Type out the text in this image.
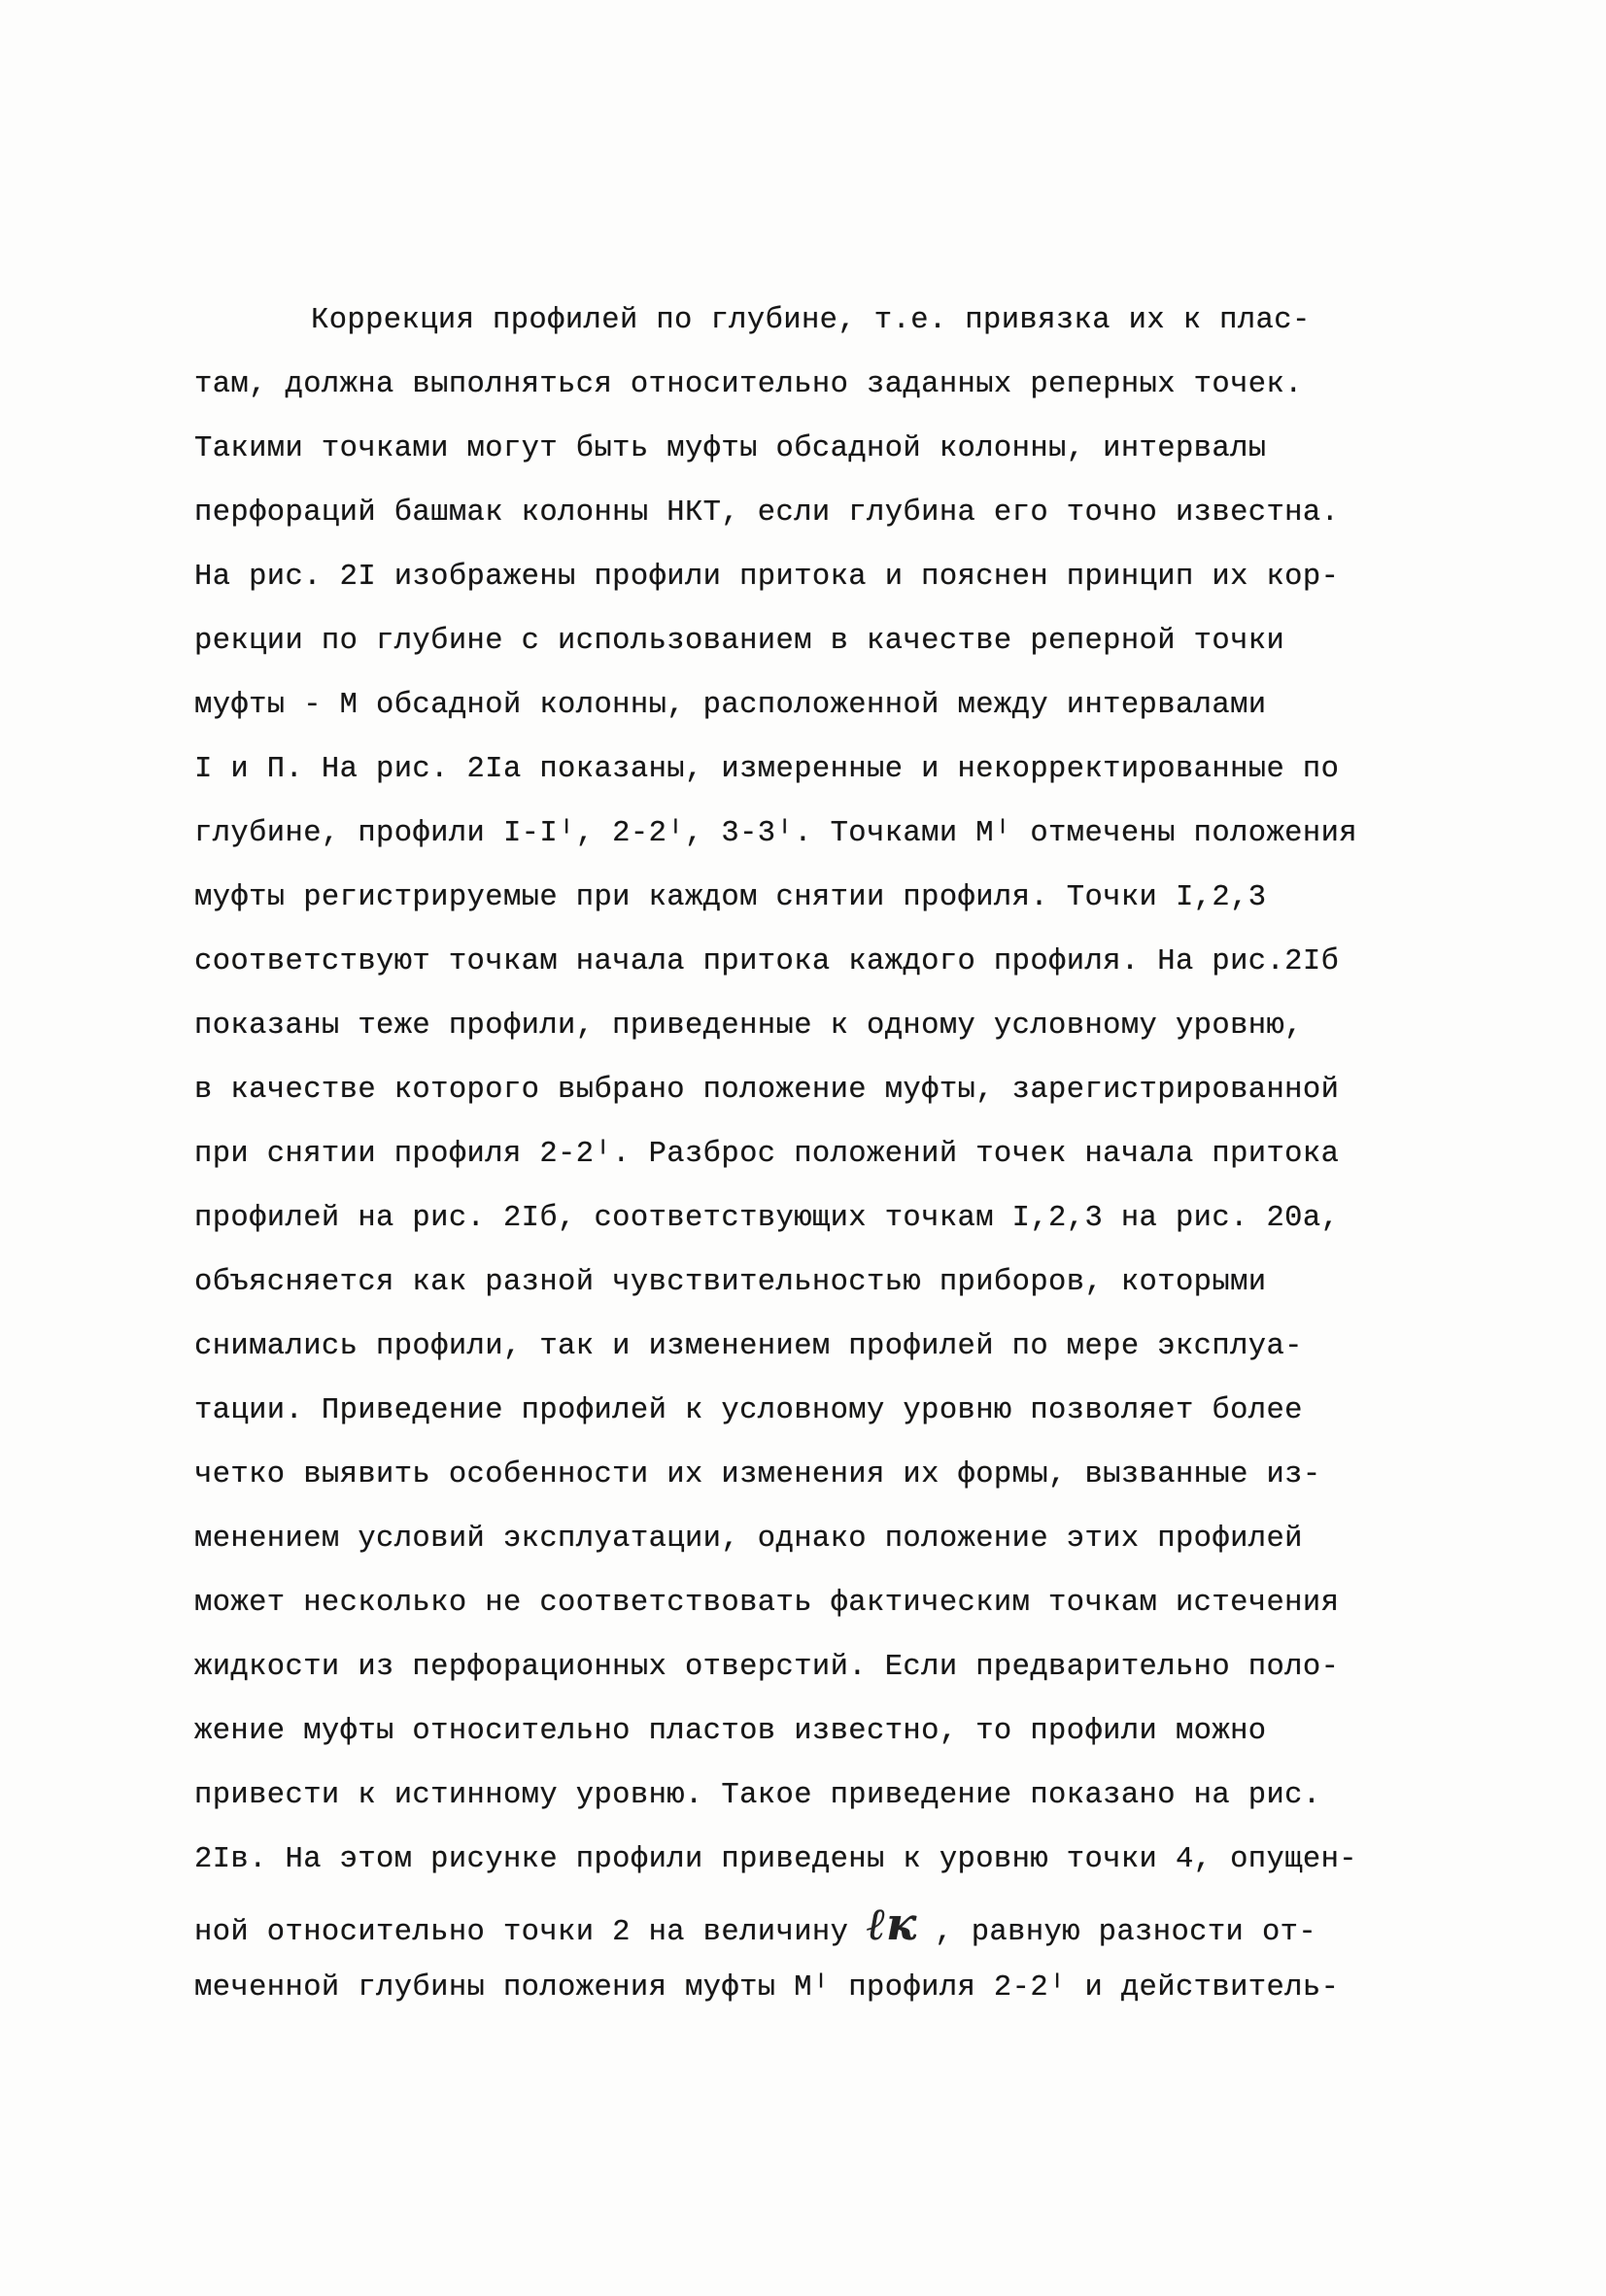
Коррекция профилей по глубине, т.е. привязка их к плас-
там, должна выполняться относительно заданных реперных точек.
Такими точками могут быть муфты обсадной колонны, интервалы
перфораций башмак колонны НКТ, если глубина его точно известна.
На рис. 2I изображены профили притока и пояснен принцип их кор-
рекции по глубине с использованием в качестве реперной точки
муфты - М обсадной колонны, расположенной между интервалами
I и П. На рис. 2Iа показаны, измеренные и некорректированные по
глубине, профили I-Iᴵ, 2-2ᴵ, 3-3ᴵ. Точками Мᴵ отмечены положения
муфты регистрируемые при каждом снятии профиля. Точки I,2,3
соответствуют точкам начала притока каждого профиля. На рис.2Iб
показаны теже профили, приведенные к одному условному уровню,
в качестве которого выбрано положение муфты, зарегистрированной
при снятии профиля 2-2ᴵ. Разброс положений точек начала притока
профилей на рис. 2Iб, соответствующих точкам I,2,3 на рис. 20а,
объясняется как разной чувствительностью приборов, которыми
снимались профили, так и изменением профилей по мере эксплуа-
тации. Приведение профилей к условному уровню позволяет более
четко выявить особенности их изменения их формы, вызванные из-
менением условий эксплуатации, однако положение этих профилей
может несколько не соответствовать фактическим точкам истечения
жидкости из перфорационных отверстий. Если предварительно поло-
жение муфты относительно пластов известно, то профили можно
привести к истинному уровню. Такое приведение показано на рис.
2Iв. На этом рисунке профили приведены к уровню точки 4, опущен-
ной относительно точки 2 на величину ℓк , равную разности от-
меченной глубины положения муфты Мᴵ профиля 2-2ᴵ и действитель-
